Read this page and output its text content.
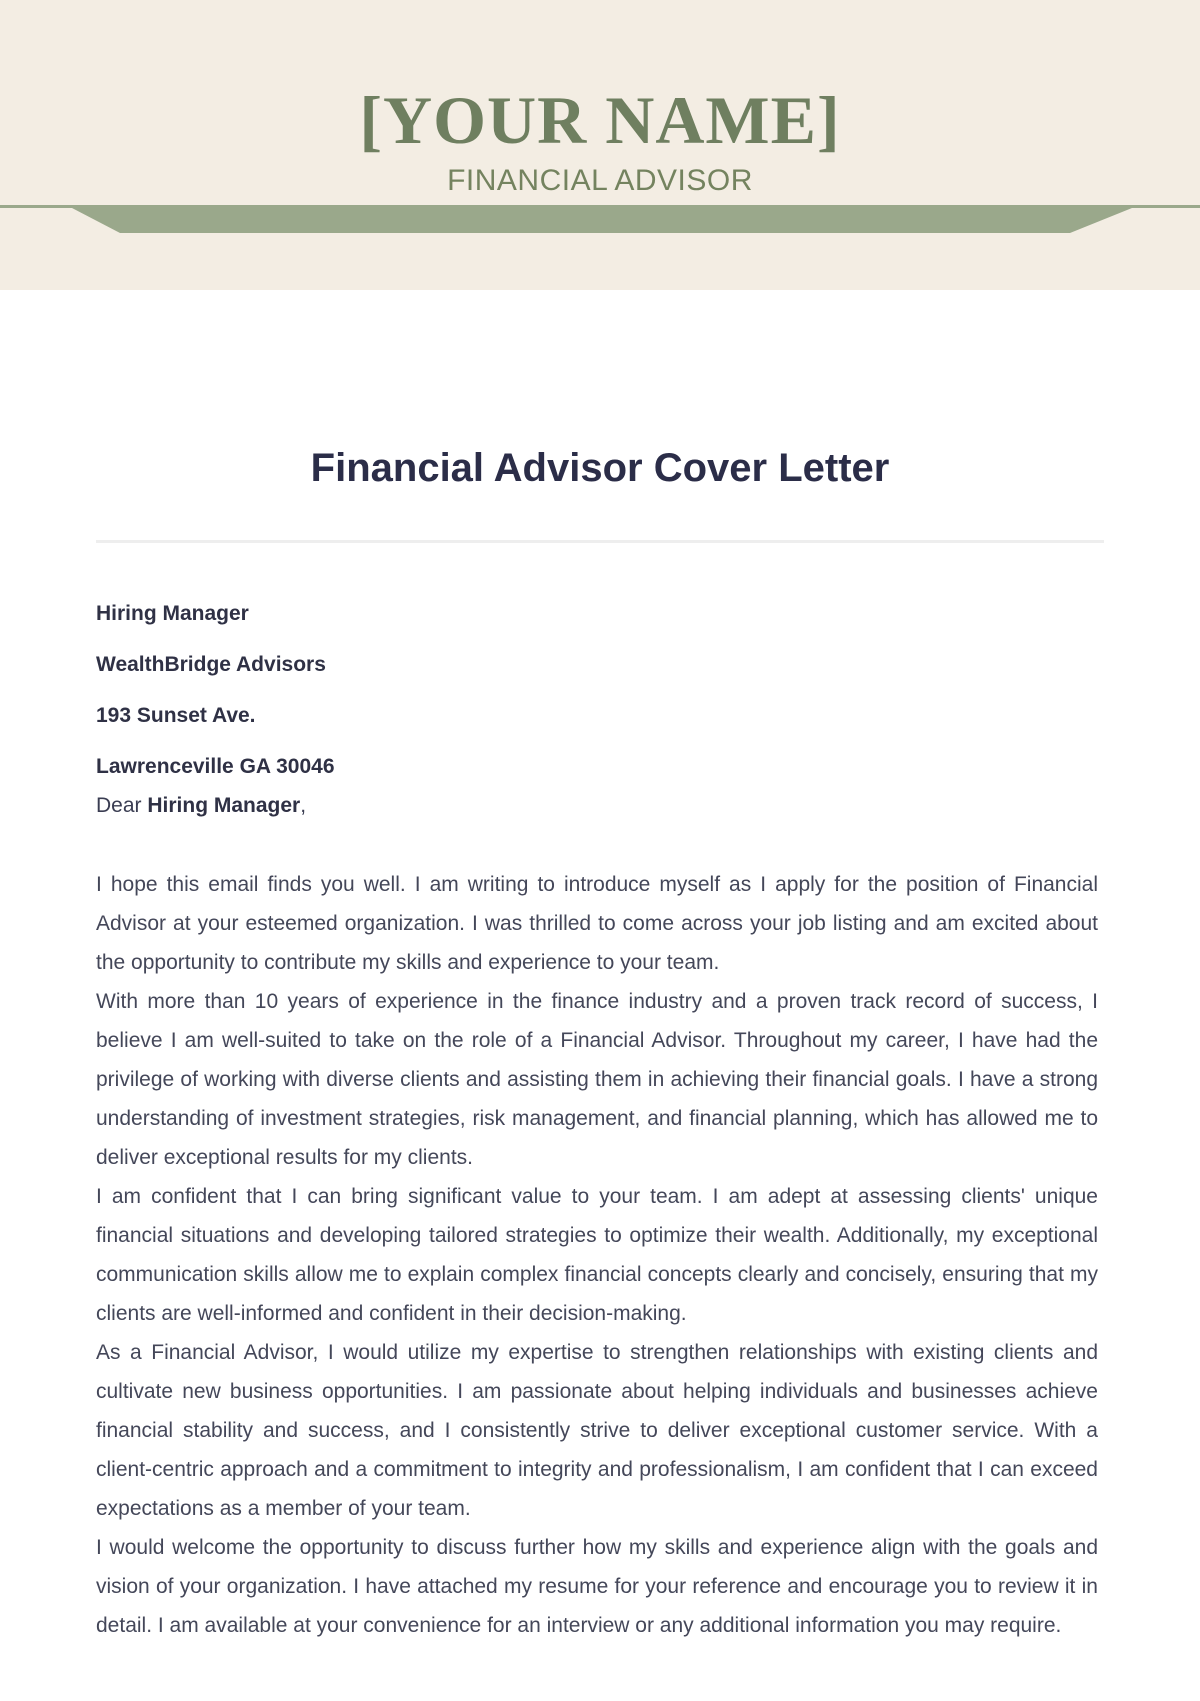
[YOUR NAME]
FINANCIAL ADVISOR
Financial Advisor Cover Letter
Hiring Manager
WealthBridge Advisors
193 Sunset Ave.
Lawrenceville GA 30046
Dear Hiring Manager,

I hope this email finds you well. I am writing to introduce myself as I apply for the position of Financial Advisor at your esteemed organization. I was thrilled to come across your job listing and am excited about the opportunity to contribute my skills and experience to your team.

With more than 10 years of experience in the finance industry and a proven track record of success, I believe I am well-suited to take on the role of a Financial Advisor. Throughout my career, I have had the privilege of working with diverse clients and assisting them in achieving their financial goals. I have a strong understanding of investment strategies, risk management, and financial planning, which has allowed me to deliver exceptional results for my clients.

I am confident that I can bring significant value to your team. I am adept at assessing clients' unique financial situations and developing tailored strategies to optimize their wealth. Additionally, my exceptional communication skills allow me to explain complex financial concepts clearly and concisely, ensuring that my clients are well-informed and confident in their decision-making.

As a Financial Advisor, I would utilize my expertise to strengthen relationships with existing clients and cultivate new business opportunities. I am passionate about helping individuals and businesses achieve financial stability and success, and I consistently strive to deliver exceptional customer service. With a client-centric approach and a commitment to integrity and professionalism, I am confident that I can exceed expectations as a member of your team.

I would welcome the opportunity to discuss further how my skills and experience align with the goals and vision of your organization. I have attached my resume for your reference and encourage you to review it in detail. I am available at your convenience for an interview or any additional information you may require.
